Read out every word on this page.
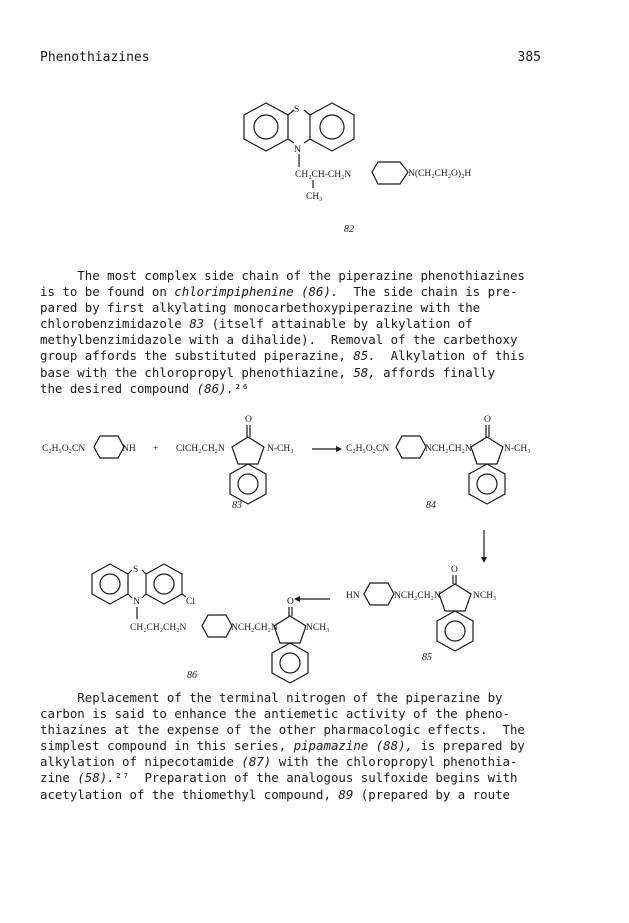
Phenothiazines	385
S
N
CH₂CH-CH₂N
CH₃
N(CH₂CH₂O)₂H
82
C₂H₅O₂CN	NH + ClCH₂CH₂N
O
N-CH₃
83
C₂H₅O₂CN	NCH₂CH₂N
O
N-CH₃
84
HN	NCH₂CH₂N
O
NCH₃
85
S
N	Cl
CH₂CH₂CH₂N	NCH₂CH₂N
O
NCH₃
86

The most complex side chain of the piperazine phenothiazines

is to be found on chlorimpiphenine (86).  The side chain is pre-

pared by first alkylating monocarbethoxypiperazine with the

chlorobenzimidazole 83 (itself attainable by alkylation of

methylbenzimidazole with a dihalide).  Removal of the carbethoxy

group affords the substituted piperazine, 85.  Alkylation of this

base with the chloropropyl phenothiazine, 58, affords finally

the desired compound (86).²⁶

Replacement of the terminal nitrogen of the piperazine by

carbon is said to enhance the antiemetic activity of the pheno-

thiazines at the expense of the other pharmacologic effects.  The

simplest compound in this series, pipamazine (88), is prepared by

alkylation of nipecotamide (87) with the chloropropyl phenothia-

zine (58).²⁷  Preparation of the analogous sulfoxide begins with

acetylation of the thiomethyl compound, 89 (prepared by a route
